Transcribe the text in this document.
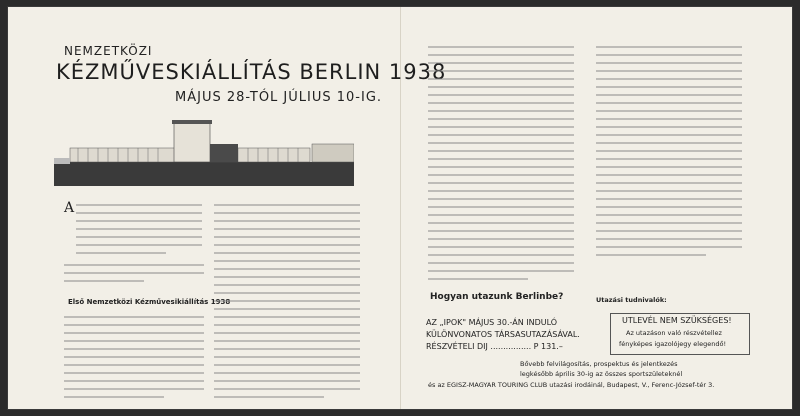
NEMZETKÖZI
KÉZMŰVESKIÁLLÍTÁS BERLIN 1938
MÁJUS 28-TÓL JÚLIUS 10-IG.
A
Első Nemzetközi Kézművesikiállítás 1938	Hogyan utazunk Berlinbe?	Utazási tudnivalók:
AZ „IPOK" MÁJUS 30.-ÁN INDULÓ
KÜLÖNVONATOS TÁRSASUTAZÁSÁVAL.
RÉSZVÉTELI DIJ ................ P 131.–
UTLEVÉL NEM SZÜKSÉGES!
Az utazáson való részvétellez
fényképes igazolójegy elegendő!
Bővebb felvilágosítás, prospektus és jelentkezés
legkésőbb április 30-ig az összes sportszületeknél
és az EGISZ-MAGYAR TOURING CLUB utazási irodáinál, Budapest, V., Ferenc-József-tér 3.
